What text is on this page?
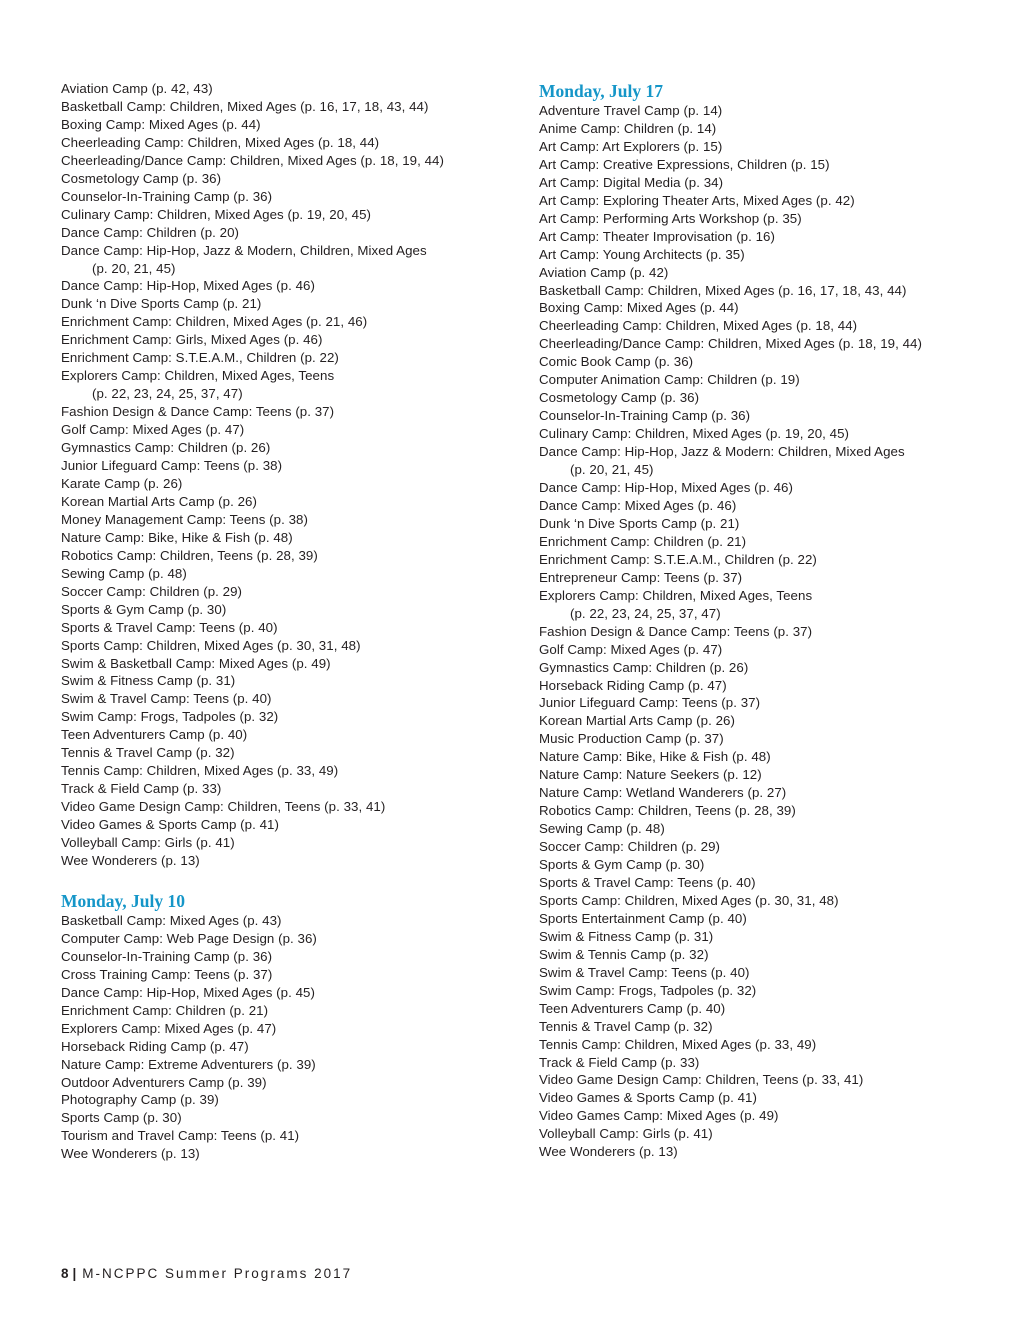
Aviation Camp (p. 42, 43)
Basketball Camp: Children, Mixed Ages (p. 16, 17, 18, 43, 44)
Boxing Camp: Mixed Ages (p. 44)
Cheerleading Camp: Children, Mixed Ages (p. 18, 44)
Cheerleading/Dance Camp: Children, Mixed Ages (p. 18, 19, 44)
Cosmetology Camp (p. 36)
Counselor-In-Training Camp (p. 36)
Culinary Camp: Children, Mixed Ages (p. 19, 20, 45)
Dance Camp: Children (p. 20)
Dance Camp: Hip-Hop, Jazz & Modern, Children, Mixed Ages
(p. 20, 21, 45)
Dance Camp: Hip-Hop, Mixed Ages (p. 46)
Dunk ‘n Dive Sports Camp (p. 21)
Enrichment Camp: Children, Mixed Ages (p. 21, 46)
Enrichment Camp: Girls, Mixed Ages (p. 46)
Enrichment Camp: S.T.E.A.M., Children (p. 22)
Explorers Camp: Children, Mixed Ages, Teens
(p. 22, 23, 24, 25, 37, 47)
Fashion Design & Dance Camp: Teens (p. 37)
Golf Camp: Mixed Ages (p. 47)
Gymnastics Camp: Children (p. 26)
Junior Lifeguard Camp: Teens (p. 38)
Karate Camp (p. 26)
Korean Martial Arts Camp (p. 26)
Money Management Camp: Teens (p. 38)
Nature Camp: Bike, Hike & Fish (p. 48)
Robotics Camp: Children, Teens (p. 28, 39)
Sewing Camp (p. 48)
Soccer Camp: Children (p. 29)
Sports & Gym Camp (p. 30)
Sports & Travel Camp: Teens (p. 40)
Sports Camp: Children, Mixed Ages (p. 30, 31, 48)
Swim & Basketball Camp: Mixed Ages (p. 49)
Swim & Fitness Camp (p. 31)
Swim & Travel Camp: Teens (p. 40)
Swim Camp: Frogs, Tadpoles (p. 32)
Teen Adventurers Camp (p. 40)
Tennis & Travel Camp (p. 32)
Tennis Camp: Children, Mixed Ages (p. 33, 49)
Track & Field Camp (p. 33)
Video Game Design Camp: Children, Teens (p. 33, 41)
Video Games & Sports Camp (p. 41)
Volleyball Camp: Girls (p. 41)
Wee Wonderers (p. 13)
Monday, July 10
Basketball Camp: Mixed Ages (p. 43)
Computer Camp: Web Page Design (p. 36)
Counselor-In-Training Camp (p. 36)
Cross Training Camp: Teens (p. 37)
Dance Camp: Hip-Hop, Mixed Ages (p. 45)
Enrichment Camp: Children (p. 21)
Explorers Camp: Mixed Ages (p. 47)
Horseback Riding Camp (p. 47)
Nature Camp: Extreme Adventurers (p. 39)
Outdoor Adventurers Camp (p. 39)
Photography Camp (p. 39)
Sports Camp (p. 30)
Tourism and Travel Camp: Teens (p. 41)
Wee Wonderers (p. 13)
Monday, July 17
Adventure Travel Camp (p. 14)
Anime Camp: Children (p. 14)
Art Camp: Art Explorers (p. 15)
Art Camp: Creative Expressions, Children (p. 15)
Art Camp: Digital Media (p. 34)
Art Camp: Exploring Theater Arts, Mixed Ages (p. 42)
Art Camp: Performing Arts Workshop (p. 35)
Art Camp: Theater Improvisation (p. 16)
Art Camp: Young Architects (p. 35)
Aviation Camp (p. 42)
Basketball Camp: Children, Mixed Ages (p. 16, 17, 18, 43, 44)
Boxing Camp: Mixed Ages (p. 44)
Cheerleading Camp: Children, Mixed Ages (p. 18, 44)
Cheerleading/Dance Camp: Children, Mixed Ages (p. 18, 19, 44)
Comic Book Camp (p. 36)
Computer Animation Camp: Children (p. 19)
Cosmetology Camp (p. 36)
Counselor-In-Training Camp (p. 36)
Culinary Camp: Children, Mixed Ages (p. 19, 20, 45)
Dance Camp: Hip-Hop, Jazz & Modern: Children, Mixed Ages
(p. 20, 21, 45)
Dance Camp: Hip-Hop, Mixed Ages (p. 46)
Dance Camp: Mixed Ages (p. 46)
Dunk ‘n Dive Sports Camp (p. 21)
Enrichment Camp: Children (p. 21)
Enrichment Camp: S.T.E.A.M., Children (p. 22)
Entrepreneur Camp: Teens (p. 37)
Explorers Camp: Children, Mixed Ages, Teens
(p. 22, 23, 24, 25, 37, 47)
Fashion Design & Dance Camp: Teens (p. 37)
Golf Camp: Mixed Ages (p. 47)
Gymnastics Camp: Children (p. 26)
Horseback Riding Camp (p. 47)
Junior Lifeguard Camp: Teens (p. 37)
Korean Martial Arts Camp (p. 26)
Music Production Camp (p. 37)
Nature Camp: Bike, Hike & Fish (p. 48)
Nature Camp: Nature Seekers (p. 12)
Nature Camp: Wetland Wanderers (p. 27)
Robotics Camp: Children, Teens (p. 28, 39)
Sewing Camp (p. 48)
Soccer Camp: Children (p. 29)
Sports & Gym Camp (p. 30)
Sports & Travel Camp: Teens (p. 40)
Sports Camp: Children, Mixed Ages (p. 30, 31, 48)
Sports Entertainment Camp (p. 40)
Swim & Fitness Camp (p. 31)
Swim & Tennis Camp (p. 32)
Swim & Travel Camp: Teens (p. 40)
Swim Camp: Frogs, Tadpoles (p. 32)
Teen Adventurers Camp (p. 40)
Tennis & Travel Camp (p. 32)
Tennis Camp: Children, Mixed Ages (p. 33, 49)
Track & Field Camp (p. 33)
Video Game Design Camp: Children, Teens (p. 33, 41)
Video Games & Sports Camp (p. 41)
Video Games Camp: Mixed Ages (p. 49)
Volleyball Camp: Girls (p. 41)
Wee Wonderers (p. 13)
8 | M-NCPPC Summer Programs 2017
